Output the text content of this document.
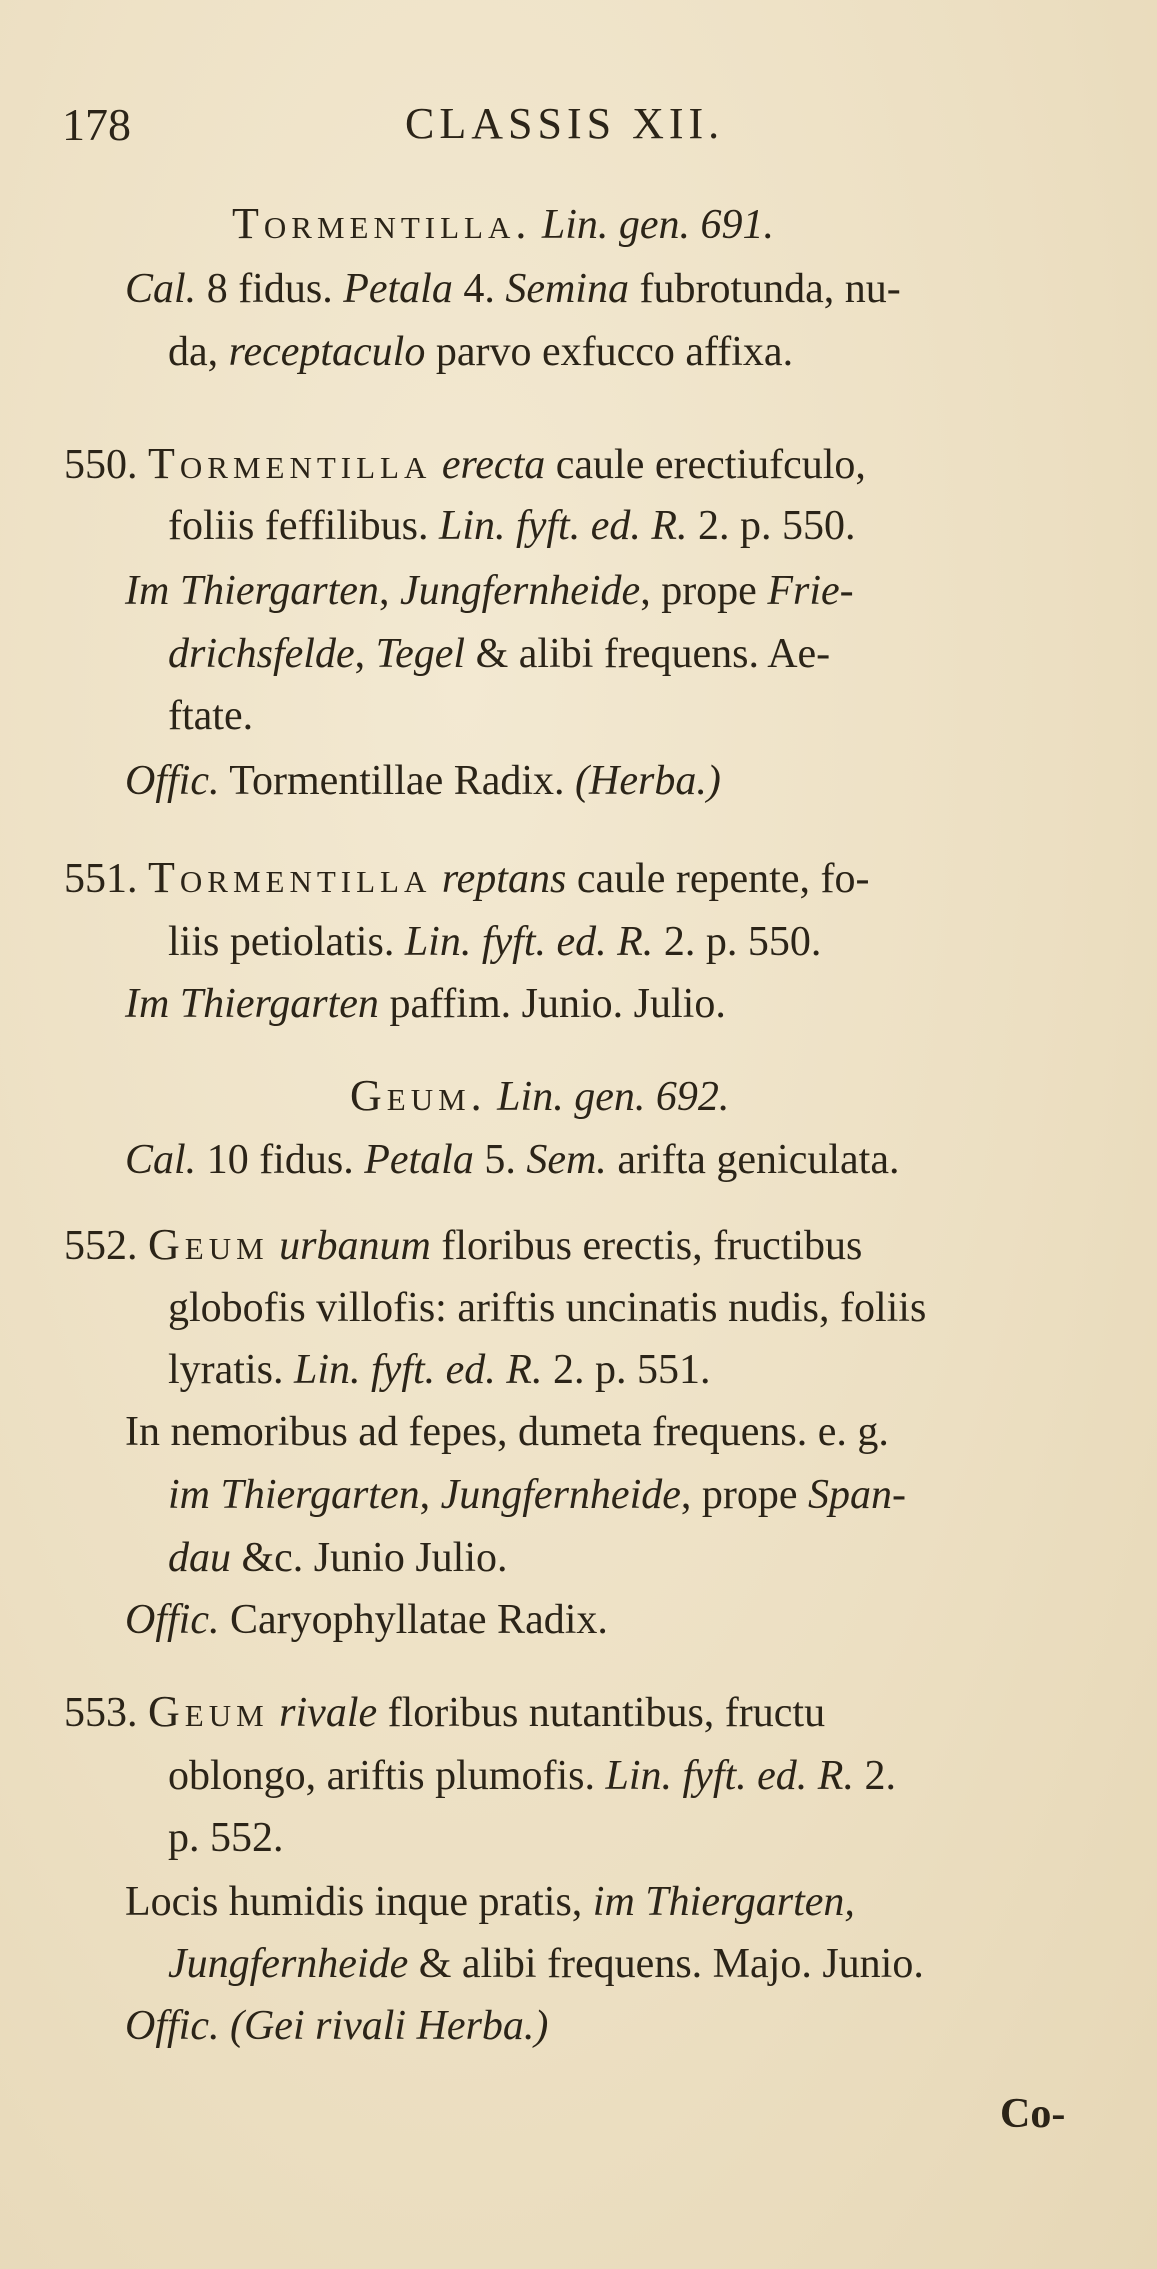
178	CLASSIS XII.
Tormentilla. Lin. gen. 691.
Cal. 8 fidus. Petala 4. Semina fubrotunda, nu-
da, receptaculo parvo exfucco affixa.
550. Tormentilla erecta caule erectiufculo,
foliis feffilibus. Lin. fyft. ed. R. 2. p. 550.
Im Thiergarten, Jungfernheide, prope Frie-
drichsfelde, Tegel & alibi frequens. Ae-
ftate.
Offic. Tormentillae Radix. (Herba.)
551. Tormentilla reptans caule repente, fo-
liis petiolatis. Lin. fyft. ed. R. 2. p. 550.
Im Thiergarten paffim. Junio. Julio.
Geum. Lin. gen. 692.
Cal. 10 fidus. Petala 5. Sem. arifta geniculata.
552. Geum urbanum floribus erectis, fructibus
globofis villofis: ariftis uncinatis nudis, foliis
lyratis. Lin. fyft. ed. R. 2. p. 551.
In nemoribus ad fepes, dumeta frequens. e. g.
im Thiergarten, Jungfernheide, prope Span-
dau &c. Junio Julio.
Offic. Caryophyllatae Radix.
553. Geum rivale floribus nutantibus, fructu
oblongo, ariftis plumofis. Lin. fyft. ed. R. 2.
p. 552.
Locis humidis inque pratis, im Thiergarten,
Jungfernheide & alibi frequens. Majo. Junio.
Offic. (Gei rivali Herba.)
Co-
